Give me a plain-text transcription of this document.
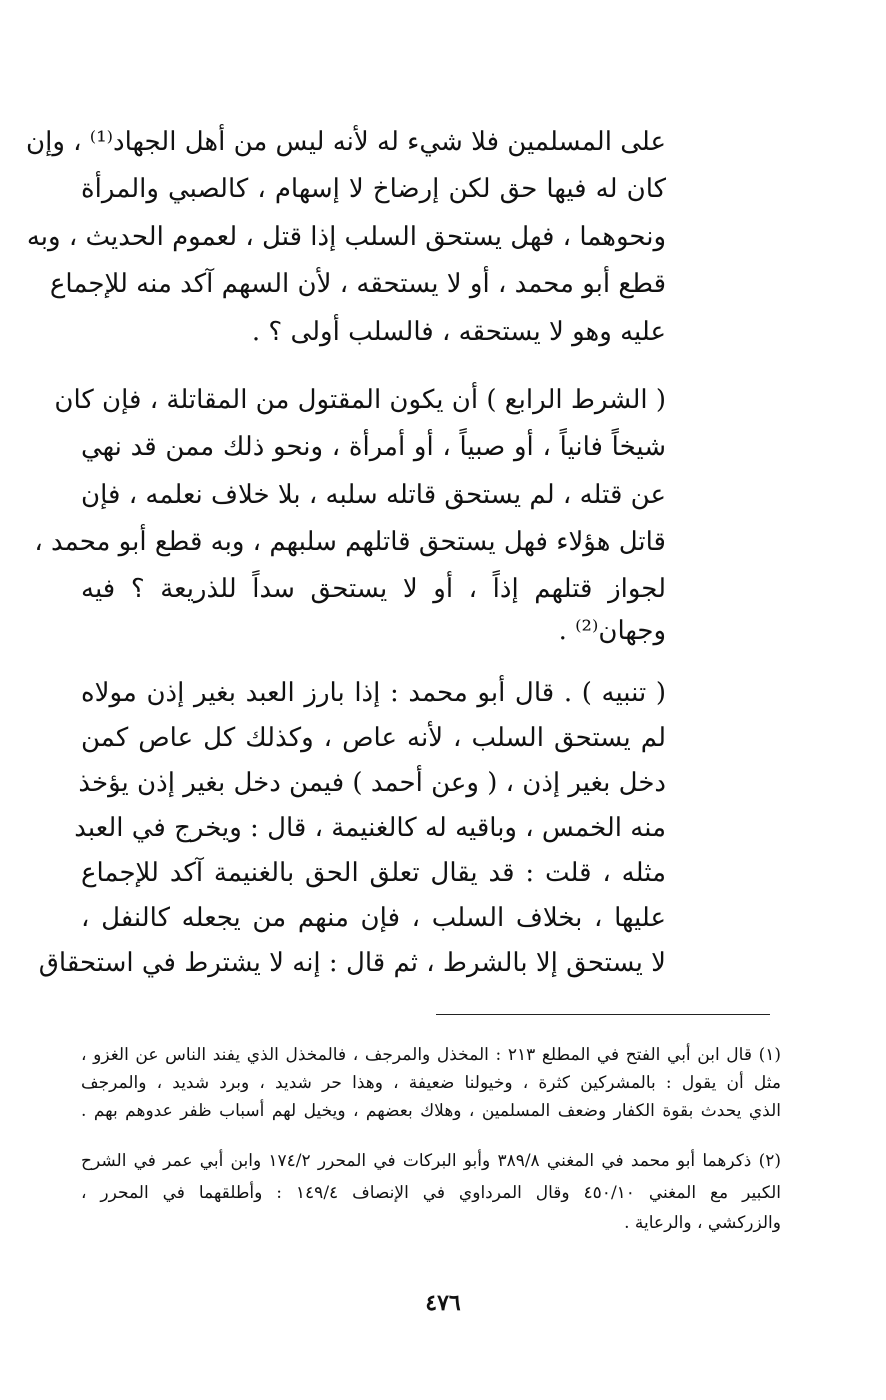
على المسلمين فلا شيء له لأنه ليس من أهل الجهاد⁽¹⁾ ، وإن
كان له فيها حق لكن إرضاخ لا إسهام ، كالصبي والمرأة
ونحوهما ، فهل يستحق السلب إذا قتل ، لعموم الحديث ، وبه
قطع أبو محمد ، أو لا يستحقه ، لأن السهم آكد منه للإجماع
عليه وهو لا يستحقه ، فالسلب أولى ؟ .
( الشرط الرابع ) أن يكون المقتول من المقاتلة ، فإن كان
شيخاً فانياً ، أو صبياً ، أو أمرأة ، ونحو ذلك ممن قد نهي
عن قتله ، لم يستحق قاتله سلبه ، بلا خلاف نعلمه ، فإن
قاتل هؤلاء فهل يستحق قاتلهم سلبهم ، وبه قطع أبو محمد ،
لجواز قتلهم إذاً ، أو لا يستحق سداً للذريعة ؟ فيه
وجهان⁽²⁾ .
( تنبيه ) . قال أبو محمد : إذا بارز العبد بغير إذن مولاه
لم يستحق السلب ، لأنه عاص ، وكذلك كل عاص كمن
دخل بغير إذن ، ( وعن أحمد ) فيمن دخل بغير إذن يؤخذ
منه الخمس ، وباقيه له كالغنيمة ، قال : ويخرج في العبد
مثله ، قلت : قد يقال تعلق الحق بالغنيمة آكد للإجماع
عليها ، بخلاف السلب ، فإن منهم من يجعله كالنفل ،
لا يستحق إلا بالشرط ، ثم قال : إنه لا يشترط في استحقاق
(١) قال ابن أبي الفتح في المطلع ٢١٣ : المخذل والمرجف ، فالمخذل الذي يفند الناس عن الغزو ،
مثل أن يقول : بالمشركين كثرة ، وخيولنا ضعيفة ، وهذا حر شديد ، وبرد شديد ، والمرجف
الذي يحدث بقوة الكفار وضعف المسلمين ، وهلاك بعضهم ، ويخيل لهم أسباب ظفر عدوهم بهم .
(٢) ذكرهما أبو محمد في المغني ٣٨٩/٨ وأبو البركات في المحرر ١٧٤/٢ وابن أبي عمر في الشرح
الكبير مع المغني ٤٥٠/١٠ وقال المرداوي في الإنصاف ١٤٩/٤ : وأطلقهما في المحرر ،
والزركشي ، والرعاية .
٤٧٦
